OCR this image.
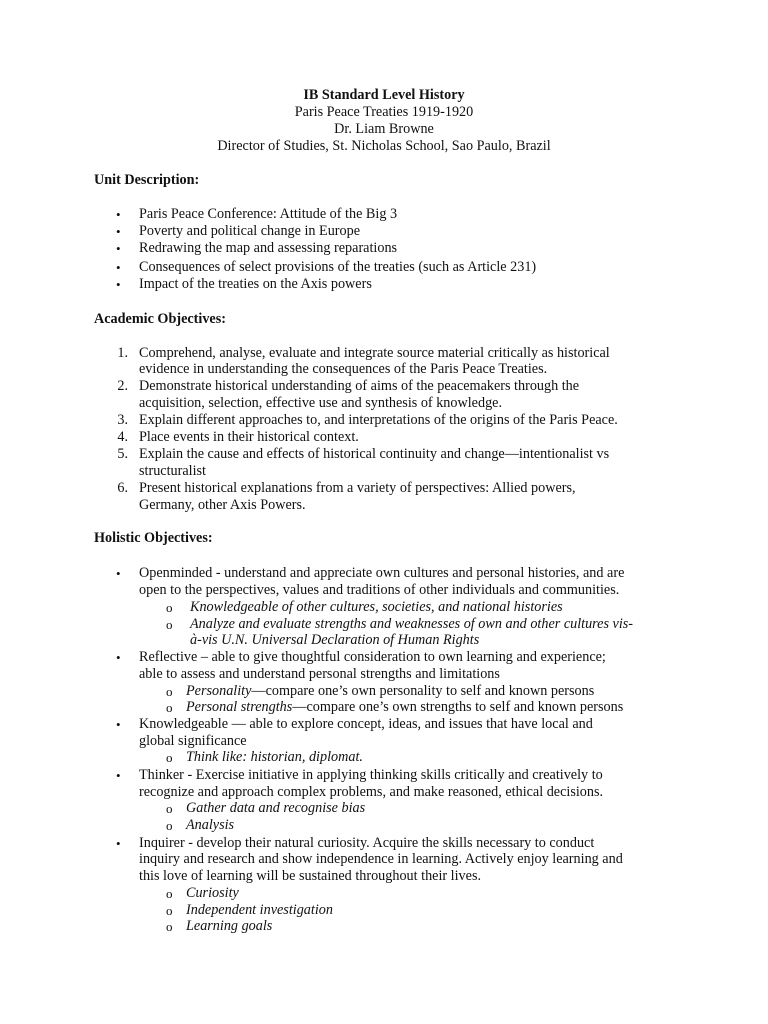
IB Standard Level History
Paris Peace Treaties 1919-1920
Dr. Liam Browne
Director of Studies, St. Nicholas School, Sao Paulo, Brazil
Unit Description:
• Paris Peace Conference: Attitude of the Big 3
• Poverty and political change in Europe
• Redrawing the map and assessing reparations
• Consequences of select provisions of the treaties (such as Article 231)
• Impact of the treaties on the Axis powers
Academic Objectives:
1. Comprehend, analyse, evaluate and integrate source material critically as historical
evidence in understanding the consequences of the Paris Peace Treaties.
2. Demonstrate historical understanding of aims of the peacemakers through the
acquisition, selection, effective use and synthesis of knowledge.
3. Explain different approaches to, and interpretations of the origins of the Paris Peace.
4. Place events in their historical context.
5. Explain the cause and effects of historical continuity and change—intentionalist vs
structuralist
6. Present historical explanations from a variety of perspectives: Allied powers,
Germany, other Axis Powers.
Holistic Objectives:
• Openminded - understand and appreciate own cultures and personal histories, and are
open to the perspectives, values and traditions of other individuals and communities.
o Knowledgeable of other cultures, societies, and national histories
o Analyze and evaluate strengths and weaknesses of own and other cultures vis-
à-vis U.N. Universal Declaration of Human Rights
• Reflective – able to give thoughtful consideration to own learning and experience;
able to assess and understand personal strengths and limitations
o Personality—compare one’s own personality to self and known persons
o Personal strengths—compare one’s own strengths to self and known persons
• Knowledgeable — able to explore concept, ideas, and issues that have local and
global significance
o Think like: historian, diplomat.
• Thinker - Exercise initiative in applying thinking skills critically and creatively to
recognize and approach complex problems, and make reasoned, ethical decisions.
o Gather data and recognise bias
o Analysis
• Inquirer - develop their natural curiosity. Acquire the skills necessary to conduct
inquiry and research and show independence in learning. Actively enjoy learning and
this love of learning will be sustained throughout their lives.
o Curiosity
o Independent investigation
o Learning goals
